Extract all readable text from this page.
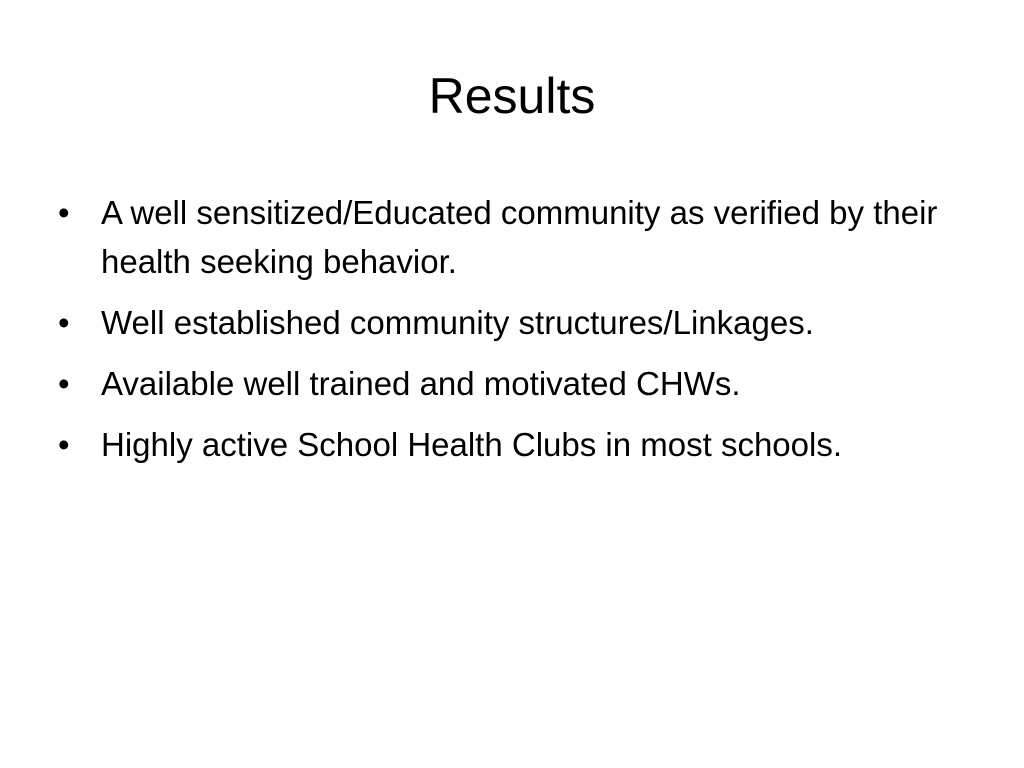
Results
• A well sensitized/Educated community as verified by their health seeking behavior.
• Well established community structures/Linkages.
• Available well trained and motivated CHWs.
• Highly active School Health Clubs in most schools.
